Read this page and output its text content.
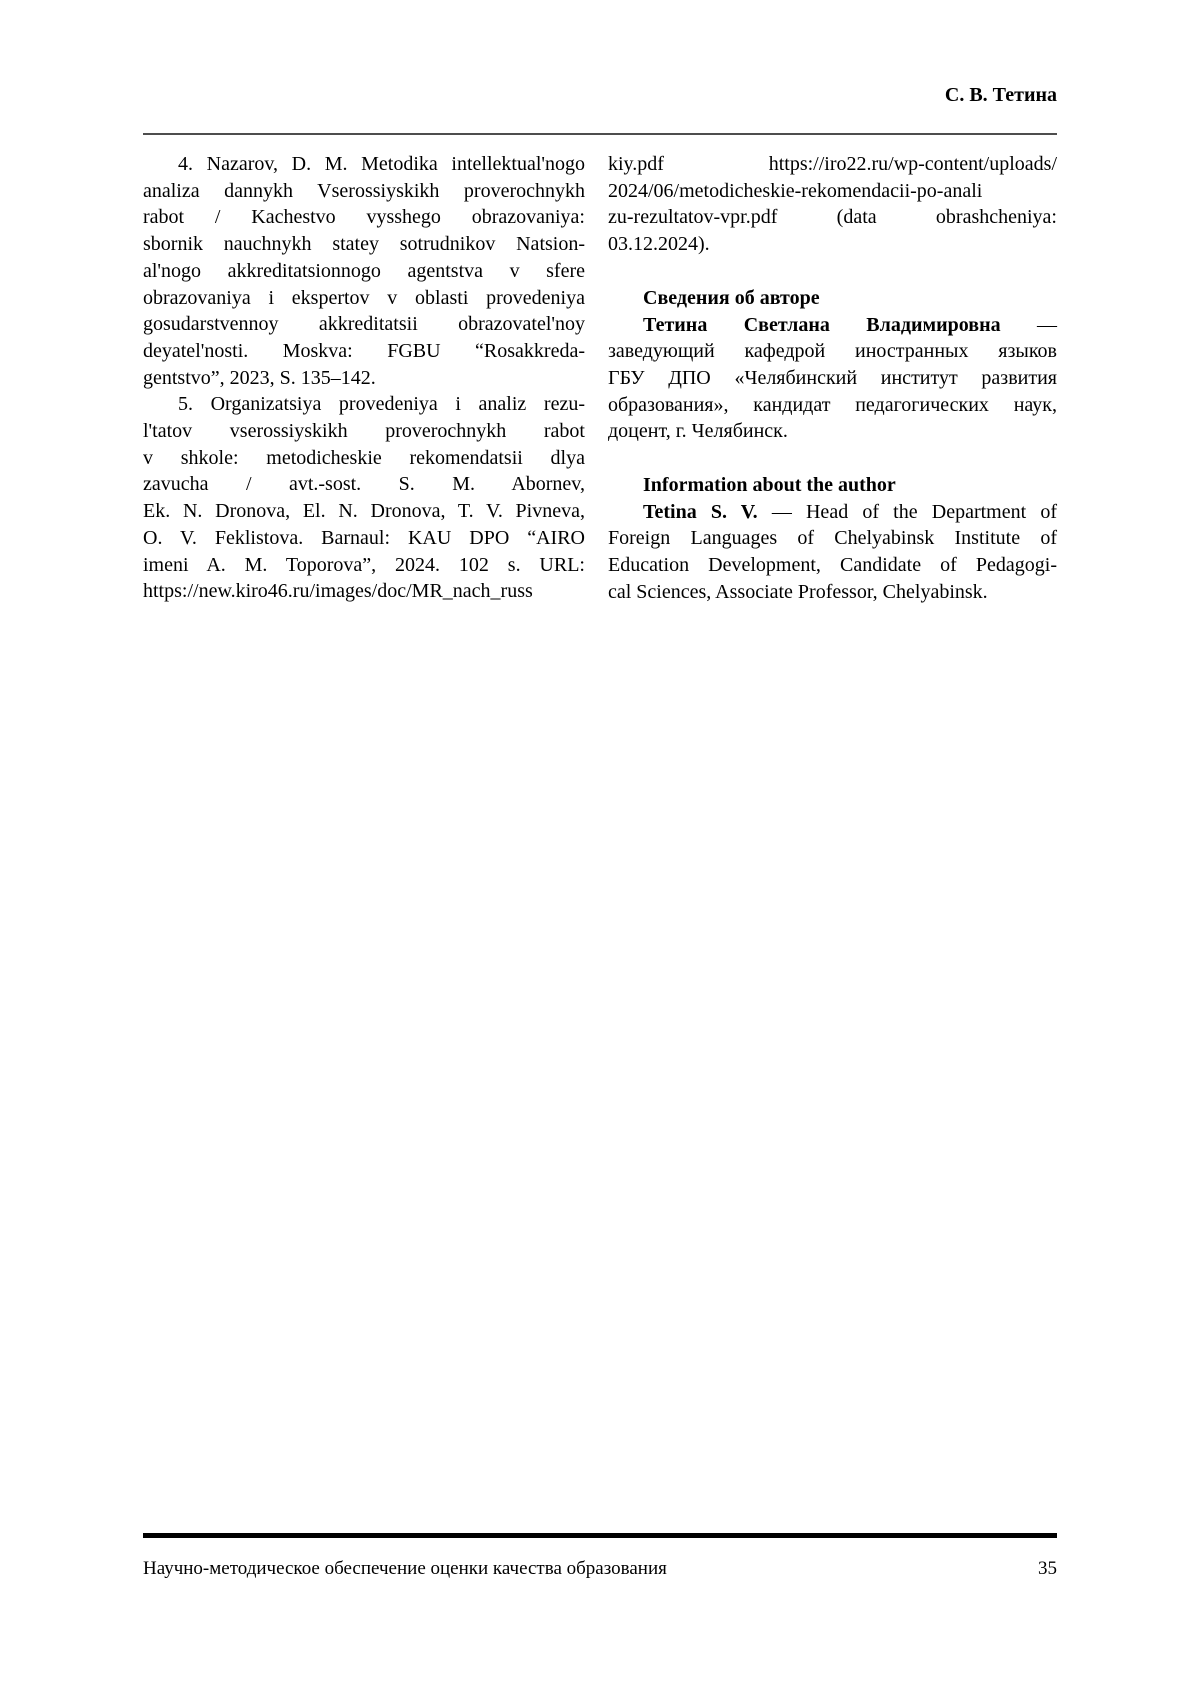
С. В. Тетина
4. Nazarov, D. M. Metodika intellektual'nogo
analiza dannykh Vserossiyskikh proverochnykh
rabot / Kachestvo vysshego obrazovaniya:
sbornik nauchnykh statey sotrudnikov Natsion-
al'nogo akkreditatsionnogo agentstva v sfere
obrazovaniya i ekspertov v oblasti provedeniya
gosudarstvennoy akkreditatsii obrazovatel'noy
deyatel'nosti. Moskva: FGBU “Rosakkreda-
gentstvo”, 2023, S. 135–142.
5. Organizatsiya provedeniya i analiz rezu-
l'tatov vserossiyskikh proverochnykh rabot
v shkole: metodicheskie rekomendatsii dlya
zavucha / avt.-sost. S. M. Abornev,
Ek. N. Dronova, El. N. Dronova, T. V. Pivneva,
O. V. Feklistova. Barnaul: KAU DPO “AIRO
imeni A. M. Toporova”, 2024. 102 s. URL:
https://new.kiro46.ru/images/doc/MR_nach_russ
kiy.pdf https://iro22.ru/wp-content/uploads/
2024/06/metodicheskie-rekomendacii-po-anali
zu-rezultatov-vpr.pdf (data obrashcheniya:
03.12.2024).
Сведения об авторе
Тетина Светлана Владимировна —
заведующий кафедрой иностранных языков
ГБУ ДПО «Челябинский институт развития
образования», кандидат педагогических наук,
доцент, г. Челябинск.
Information about the author
Tetina S. V. — Head of the Department of
Foreign Languages of Chelyabinsk Institute of
Education Development, Candidate of Pedagogi-
cal Sciences, Associate Professor, Chelyabinsk.
Научно-методическое обеспечение оценки качества образования	35
